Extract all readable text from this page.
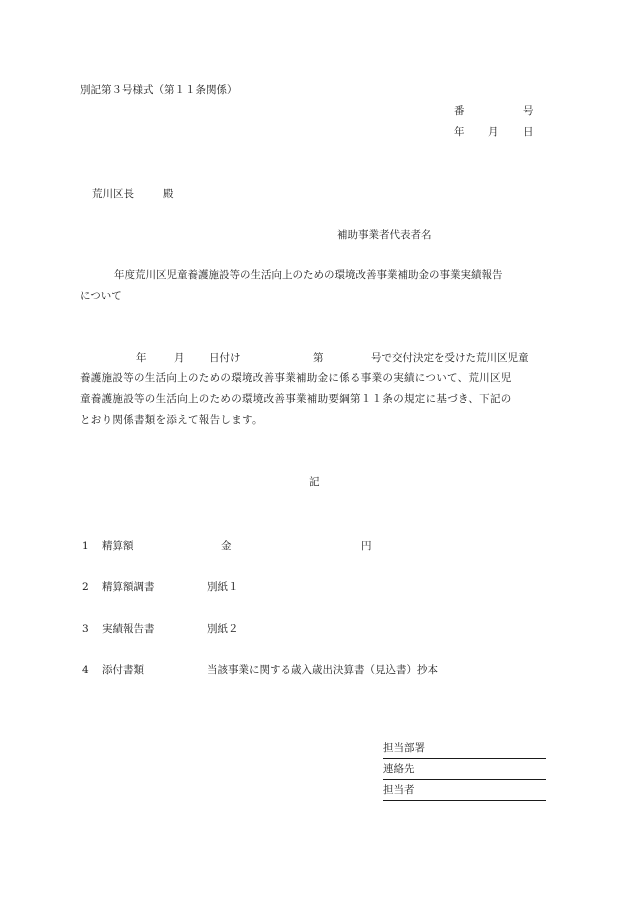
別記第３号様式（第１１条関係）
番	号
年 月 日
荒川区長	殿
補助事業者代表者名
年度荒川区児童養護施設等の生活向上のための環境改善事業補助金の事業実績報告
について
年	月 日付け	第	号で交付決定を受けた荒川区児童
養護施設等の生活向上のための環境改善事業補助金に係る事業の実績について、荒川区児
童養護施設等の生活向上のための環境改善事業補助要綱第１１条の規定に基づき、下記の
とおり関係書類を添えて報告します。
記
1 精算額	金	円
2 精算額調書	別紙１
3 実績報告書	別紙２
4 添付書類	当該事業に関する歳入歳出決算書（見込書）抄本
担当部署
連絡先
担当者
